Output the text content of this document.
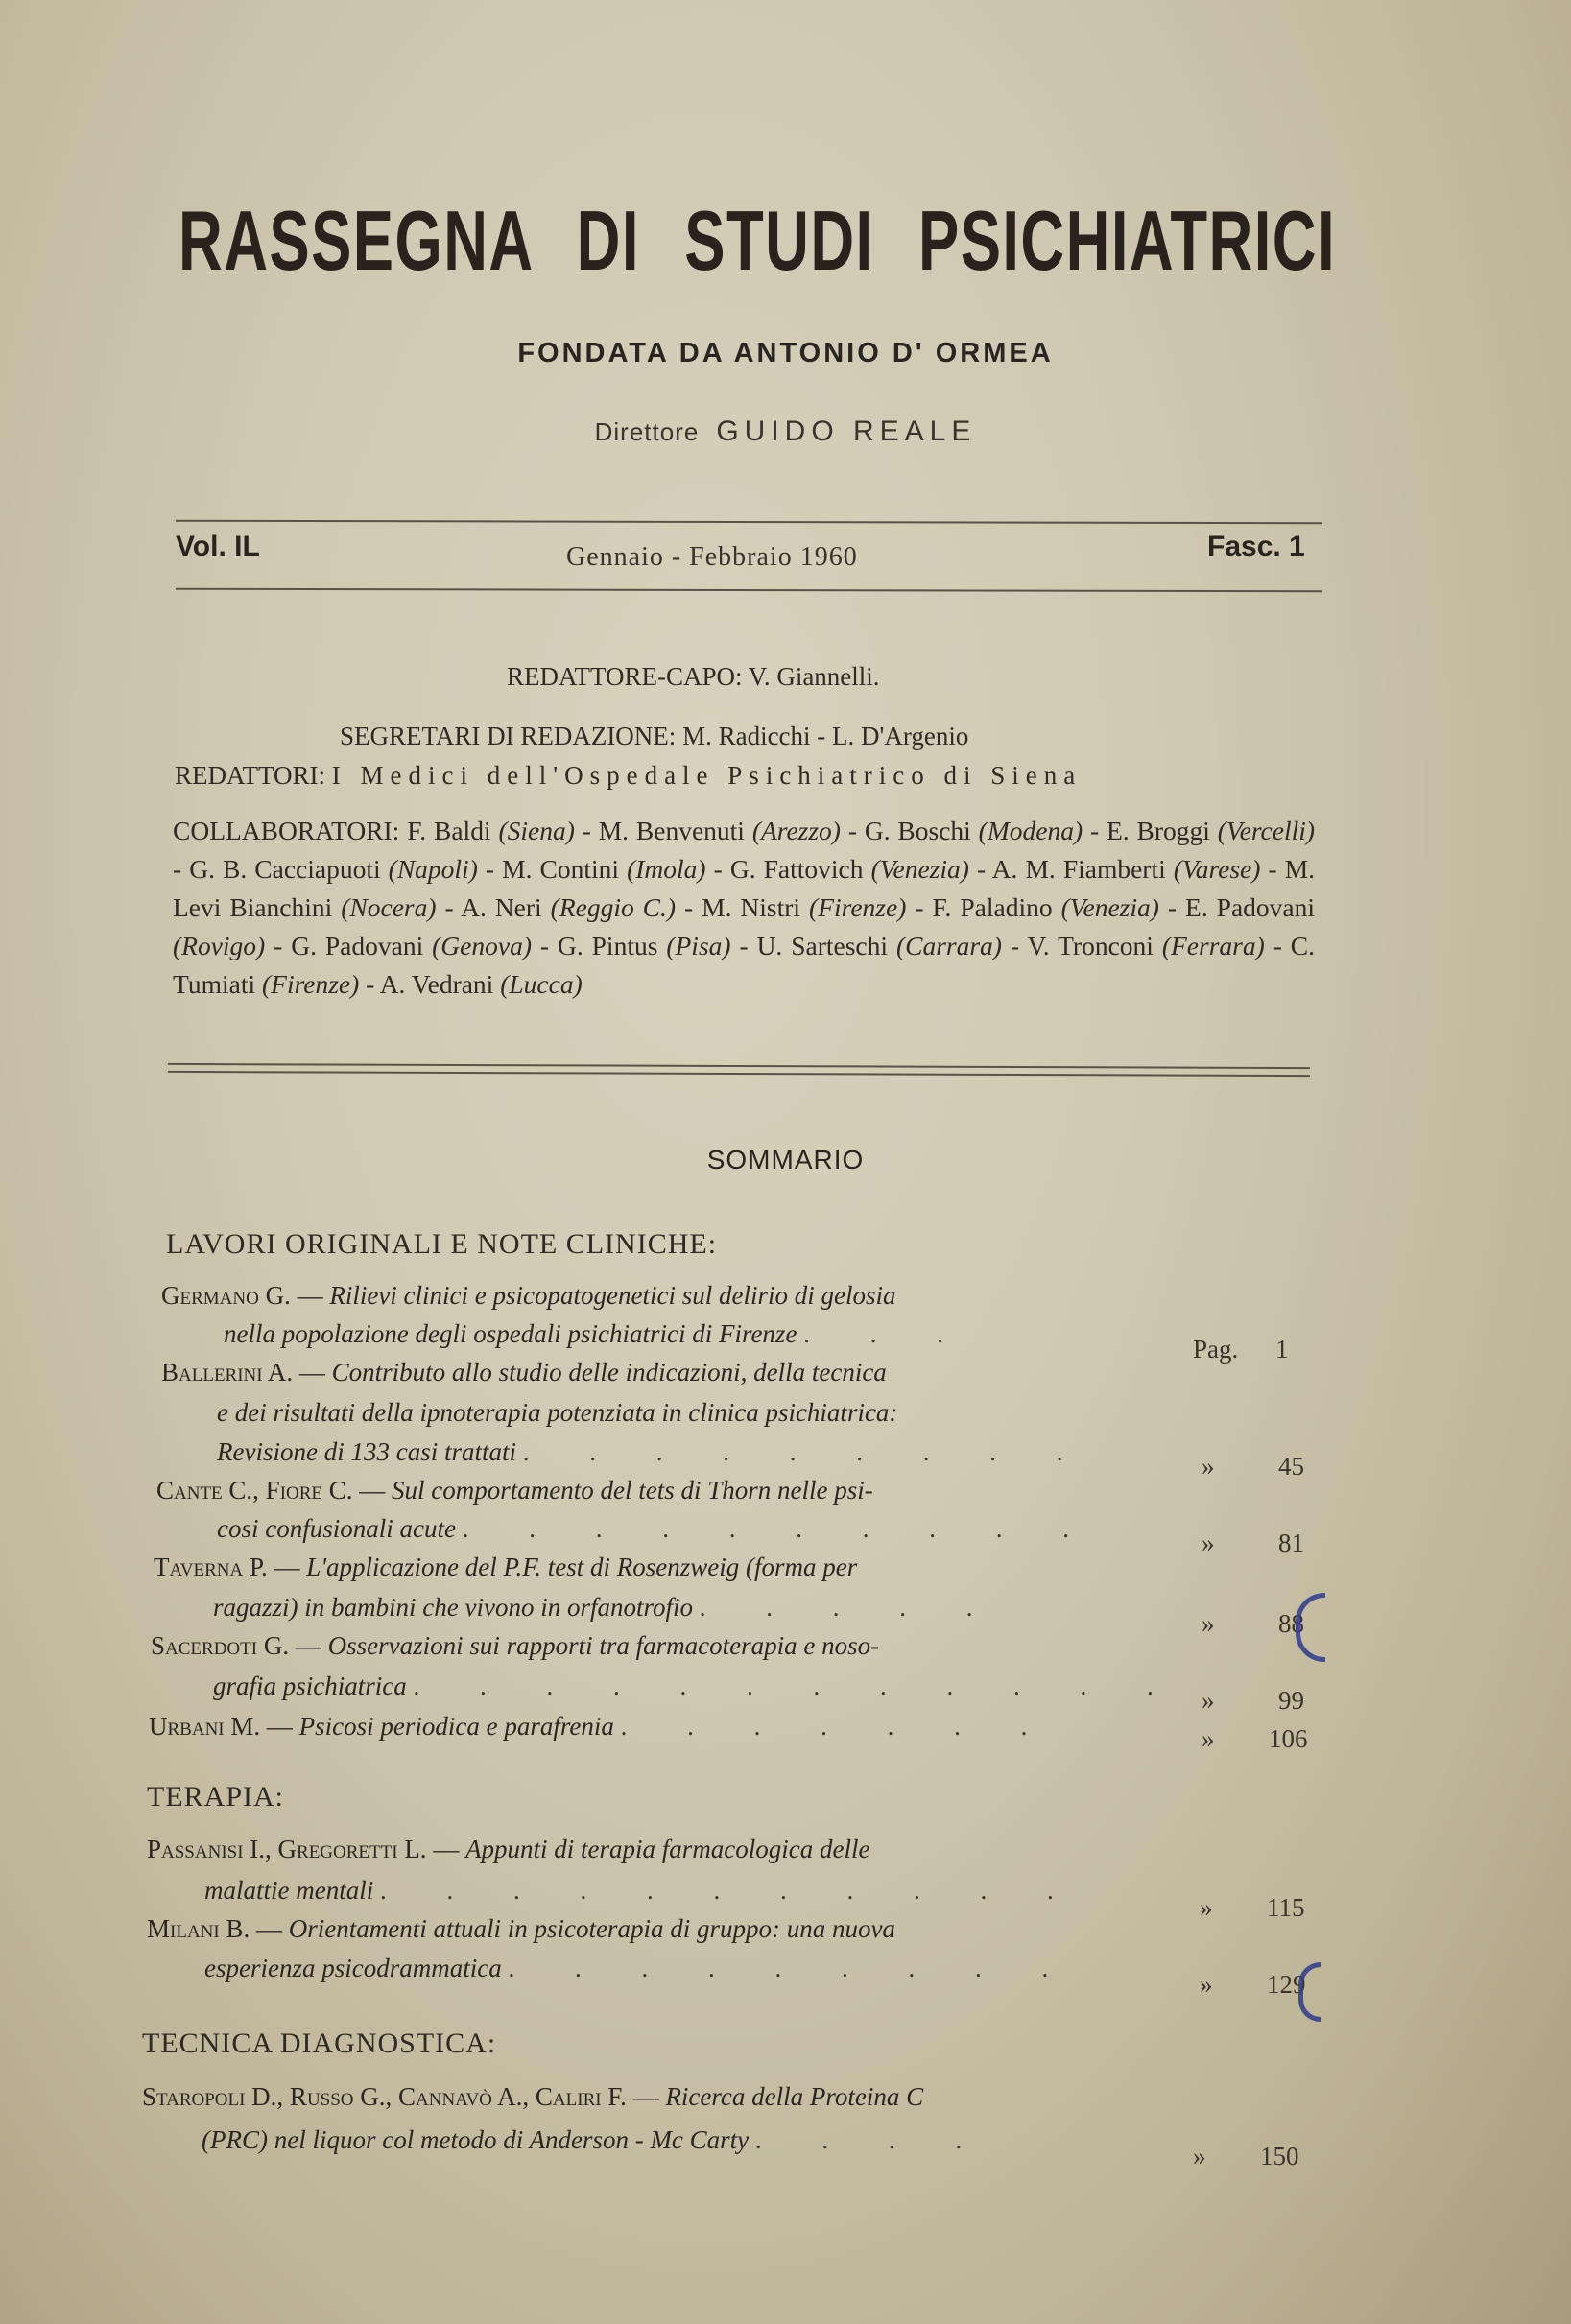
RASSEGNA DI STUDI PSICHIATRICI
FONDATA DA ANTONIO D' ORMEA
Direttore GUIDO REALE
Vol. IL	Gennaio - Febbraio 1960	Fasc. 1
REDATTORE-CAPO: V. Giannelli.
SEGRETARI DI REDAZIONE: M. Radicchi - L. D'Argenio
REDATTORI: I Medici dell'Ospedale Psichiatrico di Siena
COLLABORATORI: F. Baldi (Siena) - M. Benvenuti (Arezzo) - G. Boschi (Modena) - E. Broggi (Vercelli) - G. B. Cacciapuoti (Napoli) - M. Contini (Imola) - G. Fattovich (Venezia) - A. M. Fiamberti (Varese) - M. Levi Bianchini (Nocera) - A. Neri (Reggio C.) - M. Nistri (Firenze) - F. Paladino (Venezia) - E. Padovani (Rovigo) - G. Padovani (Genova) - G. Pintus (Pisa) - U. Sarteschi (Carrara) - V. Tronconi (Ferrara) - C. Tumiati (Firenze) - A. Vedrani (Lucca)
SOMMARIO
LAVORI ORIGINALI E NOTE CLINICHE:
Germano G. — Rilievi clinici e psicopatogenetici sul delirio di gelosia
nella popolazione degli ospedali psichiatrici di Firenze . . .
Pag. 1
Ballerini A. — Contributo allo studio delle indicazioni, della tecnica
e dei risultati della ipnoterapia potenziata in clinica psichiatrica:
Revisione di 133 casi trattati . . . . . . . . .	» 45
Cante C., Fiore C. — Sul comportamento del tets di Thorn nelle psi-
cosi confusionali acute . . . . . . . . . .	» 81
Taverna P. — L'applicazione del P.F. test di Rosenzweig (forma per
ragazzi) in bambini che vivono in orfanotrofio . . . . .
» 88
Sacerdoti G. — Osservazioni sui rapporti tra farmacoterapia e noso-
grafia psichiatrica . . . . . . . . . . . . » 99
Urbani M. — Psicosi periodica e parafrenia . . . . . . .	» 106
TERAPIA:
Passanisi I., Gregoretti L. — Appunti di terapia farmacologica delle
malattie mentali . . . . . . . . . . .
» 115
Milani B. — Orientamenti attuali in psicoterapia di gruppo: una nuova
esperienza psicodrammatica . . . . . . . . .
» 129
TECNICA DIAGNOSTICA:
Staropoli D., Russo G., Cannavò A., Caliri F. — Ricerca della Proteina C
(PRC) nel liquor col metodo di Anderson - Mc Carty . . . .
» 150
